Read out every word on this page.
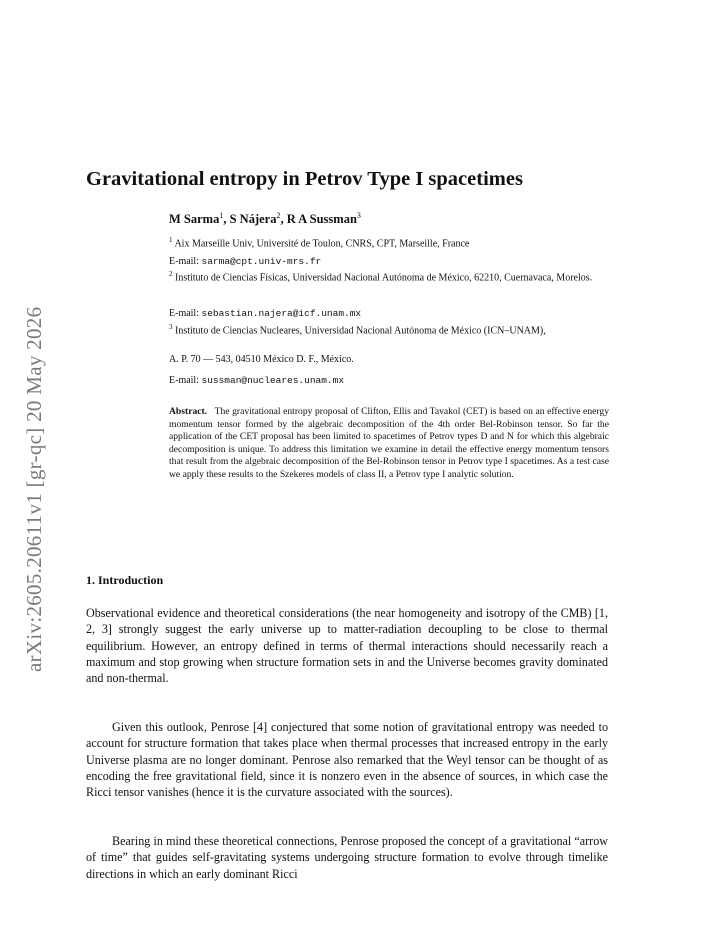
arXiv:2605.20611v1 [gr-qc] 20 May 2026
Gravitational entropy in Petrov Type I spacetimes
M Sarma$^1$, S Nájera$^2$, R A Sussman$^3$
$^1$ Aix Marseille Univ, Université de Toulon, CNRS, CPT, Marseille, France
E-mail: sarma@cpt.univ-mrs.fr
$^2$ Instituto de Ciencias Físicas, Universidad Nacional Autónoma de México, 62210, Cuernavaca, Morelos.
E-mail: sebastian.najera@icf.unam.mx
$^3$ Instituto de Ciencias Nucleares, Universidad Nacional Autónoma de México (ICN–UNAM),
A. P. 70 — 543, 04510 México D. F., México.
E-mail: sussman@nucleares.unam.mx
Abstract. The gravitational entropy proposal of Clifton, Ellis and Tavakol (CET) is based on an effective energy momentum tensor formed by the algebraic decomposition of the 4th order Bel-Robinson tensor. So far the application of the CET proposal has been limited to spacetimes of Petrov types D and N for which this algebraic decomposition is unique. To address this limitation we examine in detail the effective energy momentum tensors that result from the algebraic decomposition of the Bel-Robinson tensor in Petrov type I spacetimes. As a test case we apply these results to the Szekeres models of class II, a Petrov type I analytic solution.
1. Introduction

Observational evidence and theoretical considerations (the near homogeneity and isotropy of the CMB) [1, 2, 3] strongly suggest the early universe up to matter-radiation decoupling to be close to thermal equilibrium. However, an entropy defined in terms of thermal interactions should necessarily reach a maximum and stop growing when structure formation sets in and the Universe becomes gravity dominated and non-thermal.

Given this outlook, Penrose [4] conjectured that some notion of gravitational entropy was needed to account for structure formation that takes place when thermal processes that increased entropy in the early Universe plasma are no longer dominant. Penrose also remarked that the Weyl tensor can be thought of as encoding the free gravitational field, since it is nonzero even in the absence of sources, in which case the Ricci tensor vanishes (hence it is the curvature associated with the sources).

Bearing in mind these theoretical connections, Penrose proposed the concept of a gravitational “arrow of time” that guides self-gravitating systems undergoing structure formation to evolve through timelike directions in which an early dominant Ricci
